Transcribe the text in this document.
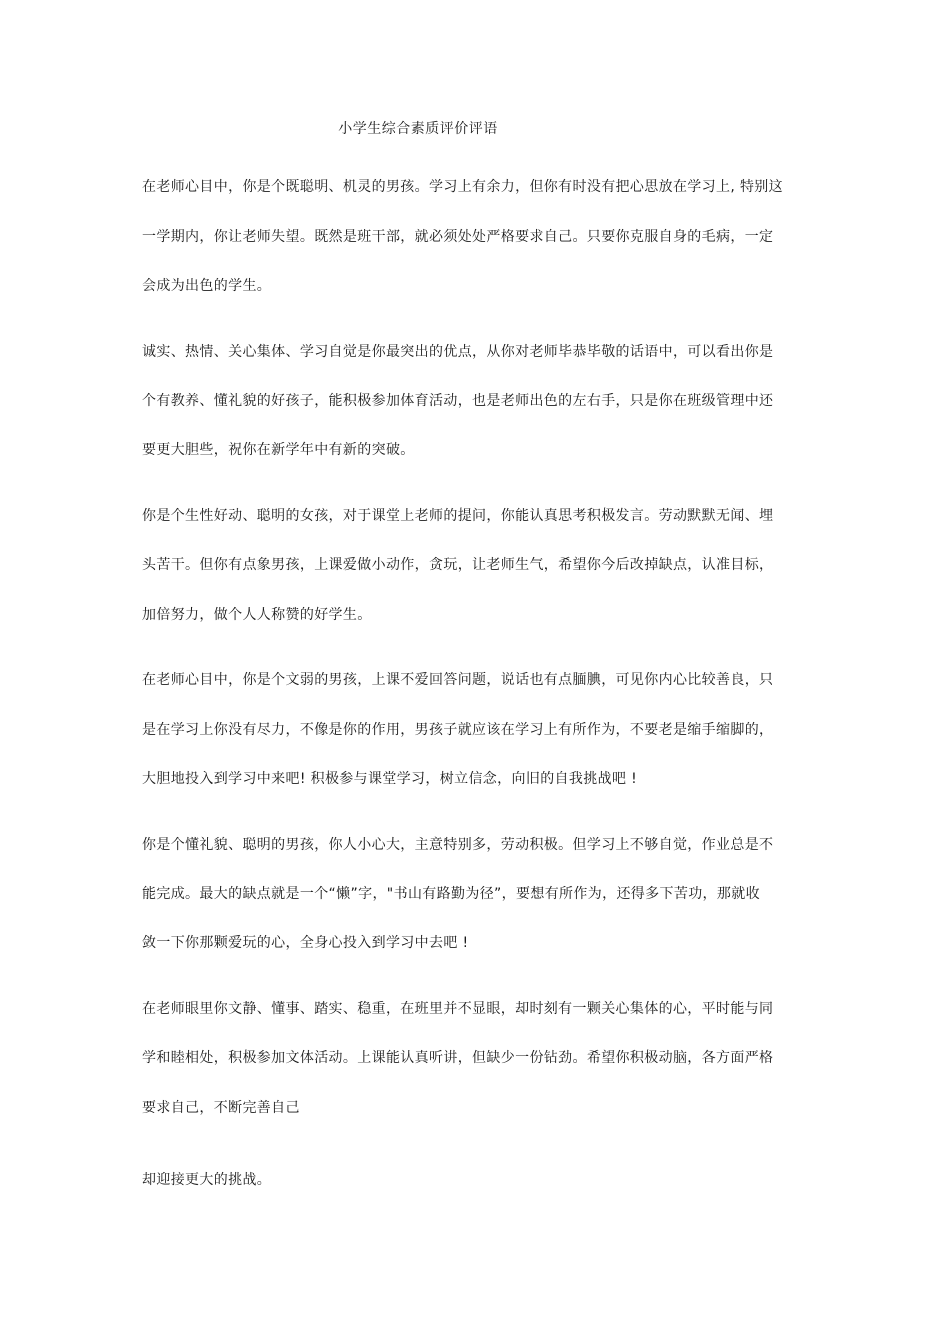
小学生综合素质评价评语
在老师心目中，你是个既聪明、机灵的男孩。学习上有余力，但你有时没有把心思放在学习上, 特别这
一学期内，你让老师失望。既然是班干部，就必须处处严格要求自己。只要你克服自身的毛病，一定
会成为出色的学生。
诚实、热情、关心集体、学习自觉是你最突出的优点，从你对老师毕恭毕敬的话语中，可以看出你是
个有教养、懂礼貌的好孩子，能积极参加体育活动，也是老师出色的左右手，只是你在班级管理中还
要更大胆些，祝你在新学年中有新的突破。
你是个生性好动、聪明的女孩，对于课堂上老师的提问，你能认真思考积极发言。劳动默默无闻、埋
头苦干。但你有点象男孩，上课爱做小动作，贪玩，让老师生气，希望你今后改掉缺点，认准目标，
加倍努力，做个人人称赞的好学生。
在老师心目中，你是个文弱的男孩，上课不爱回答问题，说话也有点腼腆，可见你内心比较善良，只
是在学习上你没有尽力，不像是你的作用，男孩子就应该在学习上有所作为，不要老是缩手缩脚的，
大胆地投入到学习中来吧! 积极参与课堂学习，树立信念，向旧的自我挑战吧 !
你是个懂礼貌、聪明的男孩，你人小心大，主意特别多，劳动积极。但学习上不够自觉，作业总是不
能完成。最大的缺点就是一个“懒”字，"书山有路勤为径”，要想有所作为，还得多下苦功，那就收
敛一下你那颗爱玩的心，全身心投入到学习中去吧 !
在老师眼里你文静、懂事、踏实、稳重，在班里并不显眼，却时刻有一颗关心集体的心，平时能与同
学和睦相处，积极参加文体活动。上课能认真听讲，但缺少一份钻劲。希望你积极动脑，各方面严格
要求自己，不断完善自己
却迎接更大的挑战。
